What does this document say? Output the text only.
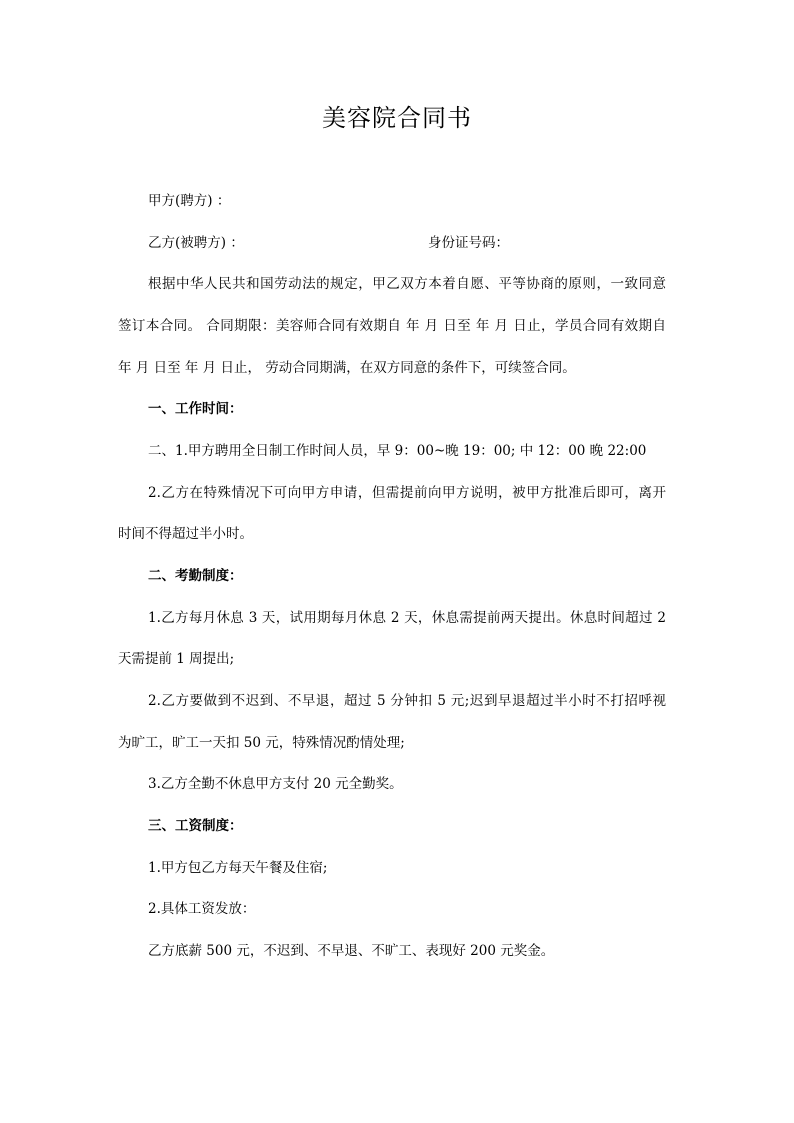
美容院合同书

甲方(聘方) ：

乙方(被聘方) ：	身份证号码：

根据中华人民共和国劳动法的规定，甲乙双方本着自愿、平等协商的原则，一致同意

签订本合同。 合同期限：美容师合同有效期自 年 月 日至 年 月 日止，学员合同有效期自

年 月 日至 年 月 日止， 劳动合同期满，在双方同意的条件下，可续签合同。

一、工作时间：

二、1.甲方聘用全日制工作时间人员，早 9：00~晚 19：00; 中 12：00 晚 22:00

2.乙方在特殊情况下可向甲方申请，但需提前向甲方说明，被甲方批准后即可，离开

时间不得超过半小时。

二、考勤制度：

1.乙方每月休息 3 天，试用期每月休息 2 天，休息需提前两天提出。休息时间超过 2

天需提前 1 周提出;

2.乙方要做到不迟到、不早退，超过 5 分钟扣 5 元;迟到早退超过半小时不打招呼视

为旷工，旷工一天扣 50 元，特殊情况酌情处理;

3.乙方全勤不休息甲方支付 20 元全勤奖。

三、工资制度：

1.甲方包乙方每天午餐及住宿;

2.具体工资发放：

乙方底薪 500 元，不迟到、不早退、不旷工、表现好 200 元奖金。
